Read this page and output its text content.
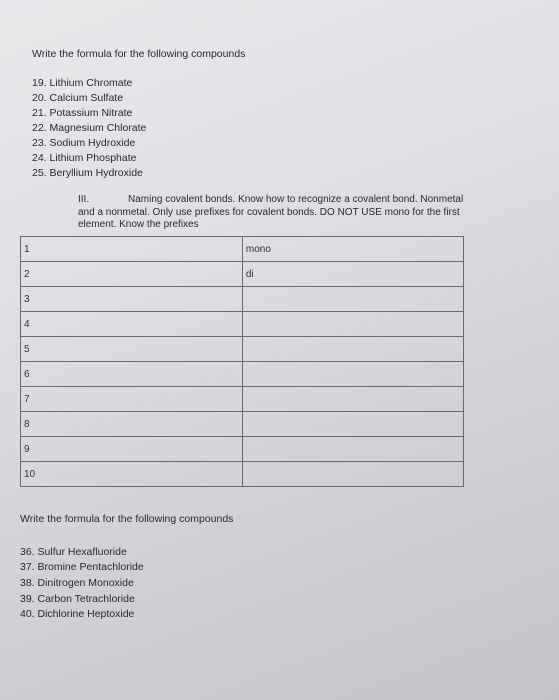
Write the formula for the following compounds
19. Lithium Chromate
20. Calcium Sulfate
21. Potassium Nitrate
22. Magnesium Chlorate
23. Sodium Hydroxide
24. Lithium Phosphate
25. Beryllium Hydroxide
III.	Naming covalent bonds. Know how to recognize a covalent bond. Nonmetal
and a nonmetal. Only use prefixes for covalent bonds. DO NOT USE mono for the first
element. Know the prefixes
1	mono
2	di
3	
4	
5	
6	
7	
8	
9	
10	
Write the formula for the following compounds
36. Sulfur Hexafluoride
37. Bromine Pentachloride
38. Dinitrogen Monoxide
39. Carbon Tetrachloride
40. Dichlorine Heptoxide
